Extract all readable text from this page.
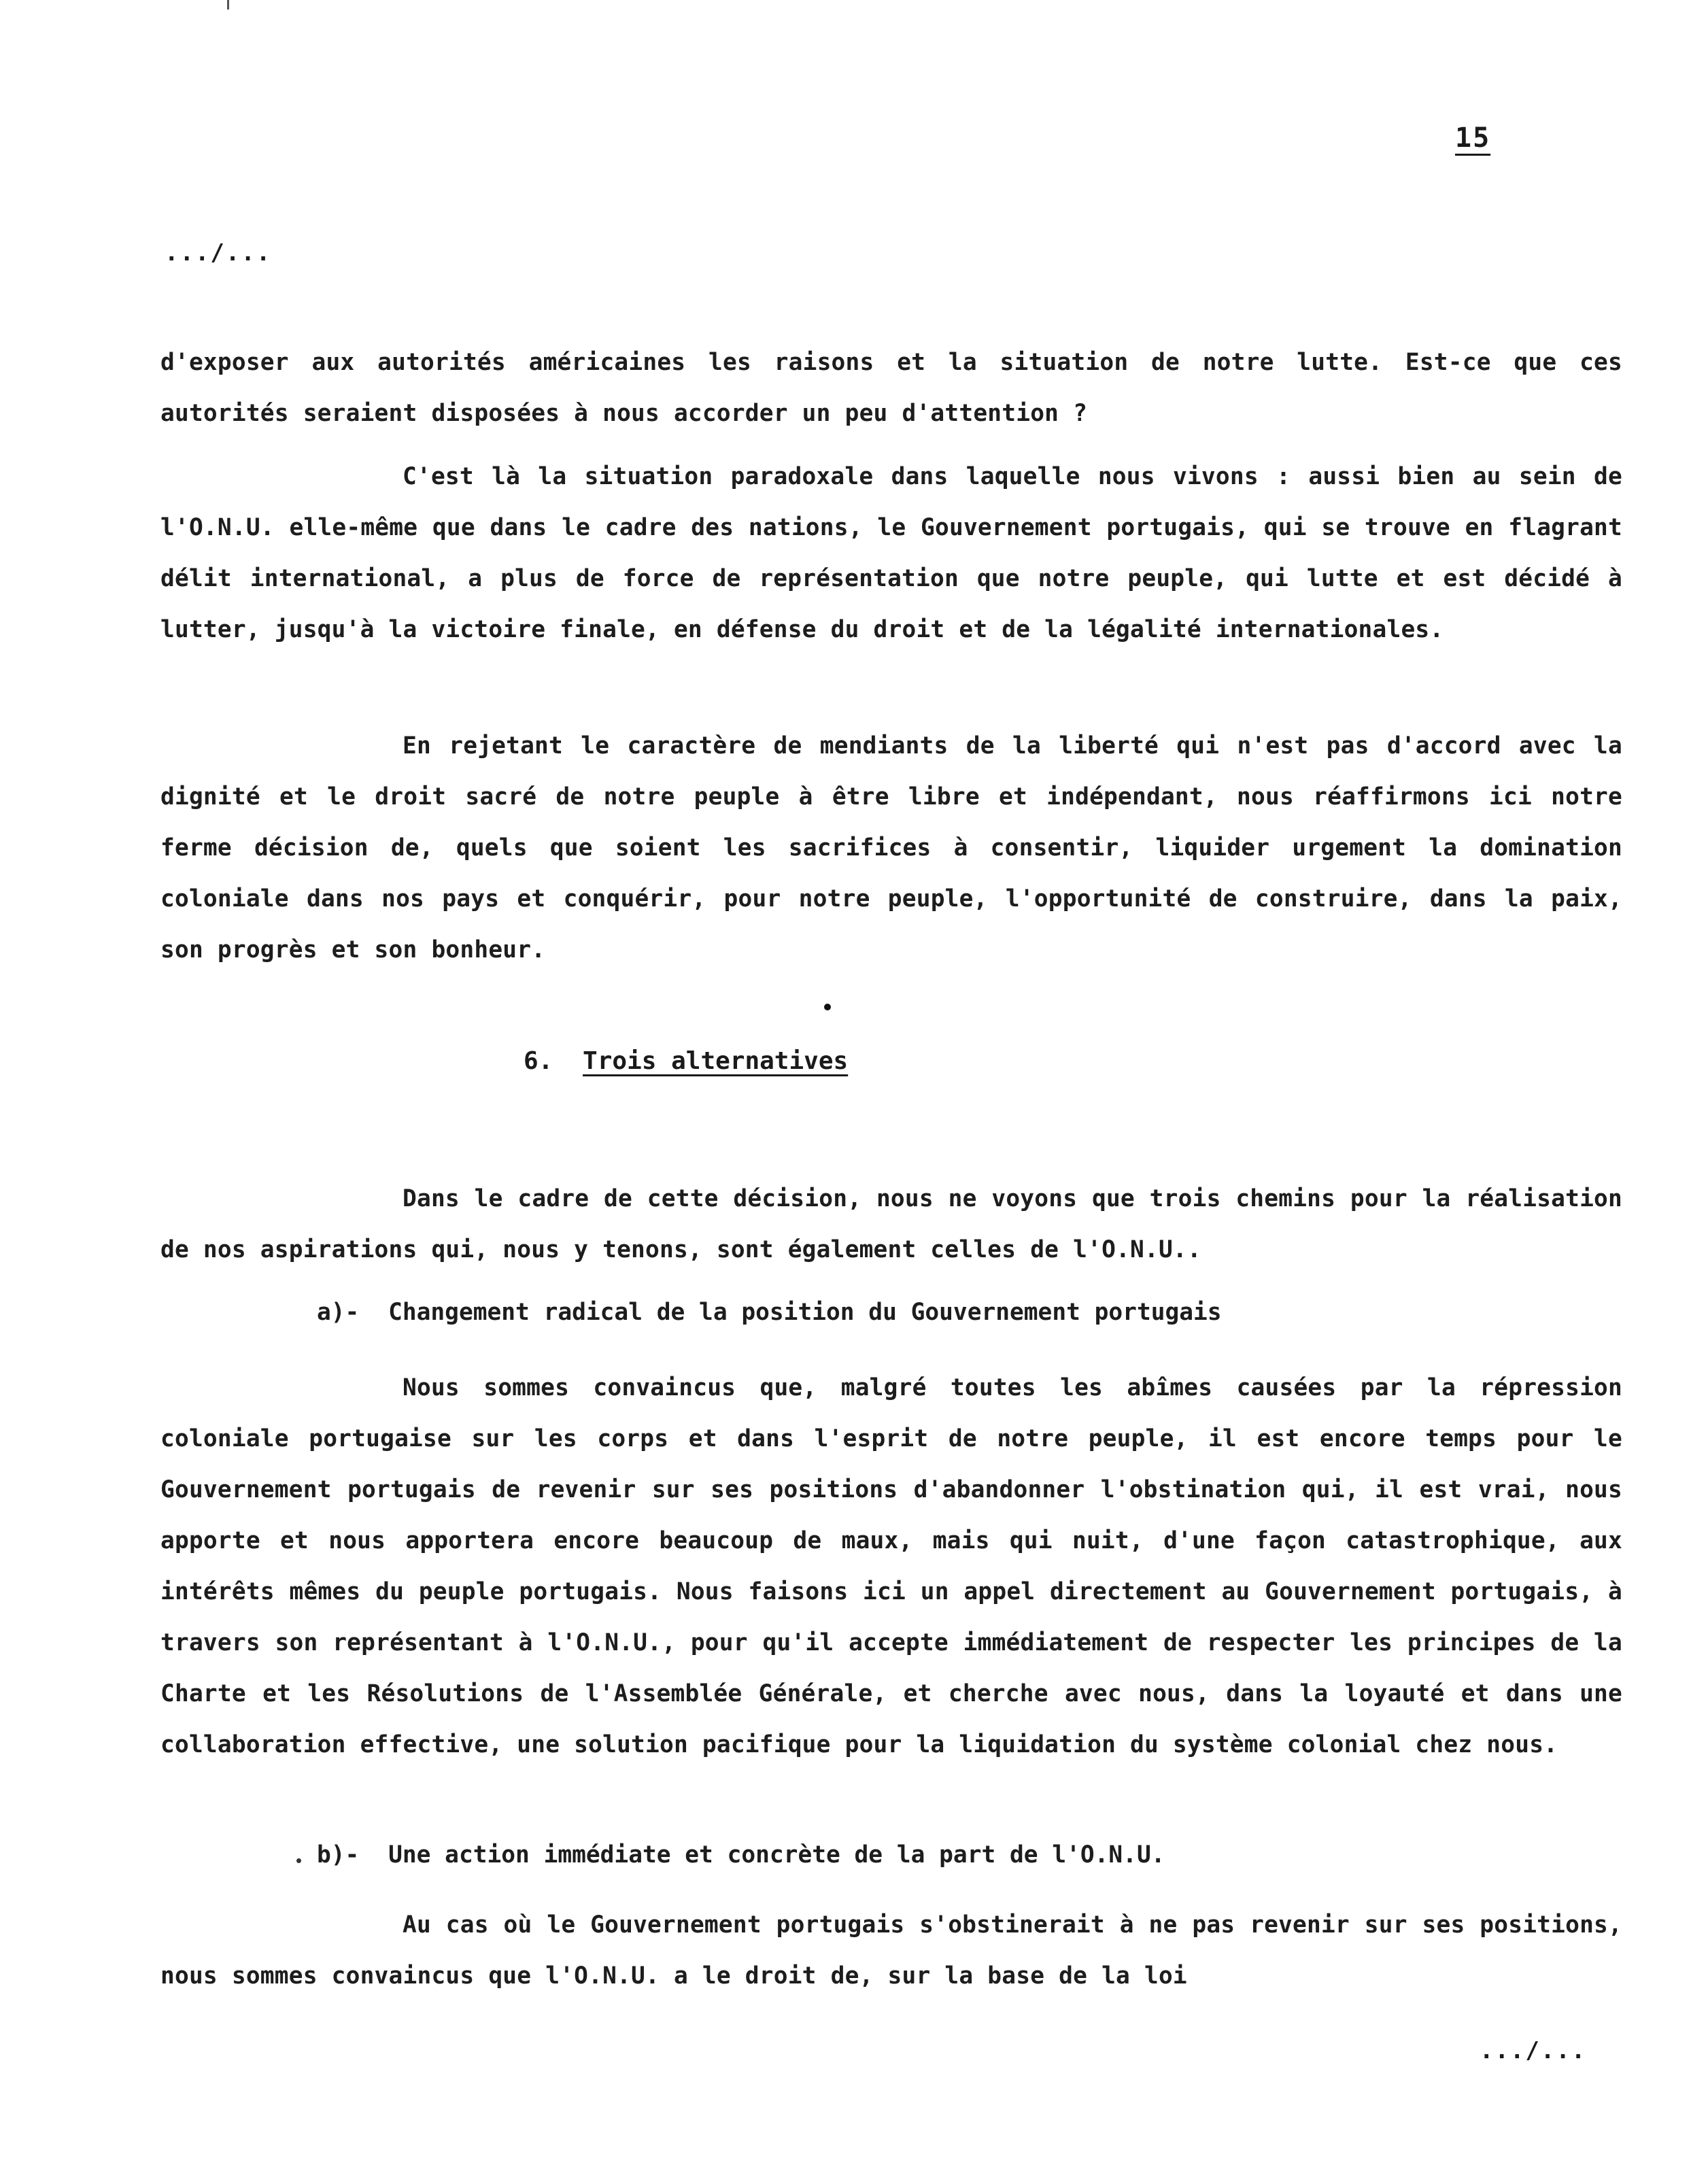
15
.../...

d'exposer aux autorités américaines les raisons et la situation de notre lutte. Est-ce que ces autorités seraient disposées à nous accorder un peu d'attention ?

C'est là la situation paradoxale dans laquelle nous vivons : aussi bien au sein de l'O.N.U. elle-même que dans le cadre des nations, le Gouvernement portugais, qui se trouve en flagrant délit international, a plus de force de représentation que notre peuple, qui lutte et est décidé à lutter, jusqu'à la victoire finale, en défense du droit et de la légalité internationales.

En rejetant le caractère de mendiants de la liberté qui n'est pas d'accord avec la dignité et le droit sacré de notre peuple à être libre et indépendant, nous réaffirmons ici notre ferme décision de, quels que soient les sacrifices à consentir, liquider urgement la domination coloniale dans nos pays et conquérir, pour notre peuple, l'opportunité de construire, dans la paix, son progrès et son bonheur.

6. Trois alternatives

Dans le cadre de cette décision, nous ne voyons que trois chemins pour la réalisation de nos aspirations qui, nous y tenons, sont également celles de l'O.N.U..

a)- Changement radical de la position du Gouvernement portugais

Nous sommes convaincus que, malgré toutes les abîmes causées par la répression coloniale portugaise sur les corps et dans l'esprit de notre peuple, il est encore temps pour le Gouvernement portugais de revenir sur ses positions d'abandonner l'obstination qui, il est vrai, nous apporte et nous apportera encore beaucoup de maux, mais qui nuit, d'une façon catastrophique, aux intérêts mêmes du peuple portugais. Nous faisons ici un appel directement au Gouvernement portugais, à travers son représentant à l'O.N.U., pour qu'il accepte immédiatement de respecter les principes de la Charte et les Résolutions de l'Assemblée Générale, et cherche avec nous, dans la loyauté et dans une collaboration effective, une solution pacifique pour la liquidation du système colonial chez nous.

b)- Une action immédiate et concrète de la part de l'O.N.U.

Au cas où le Gouvernement portugais s'obstinerait à ne pas revenir sur ses positions, nous sommes convaincus que l'O.N.U. a le droit de, sur la base de la loi

.../...
